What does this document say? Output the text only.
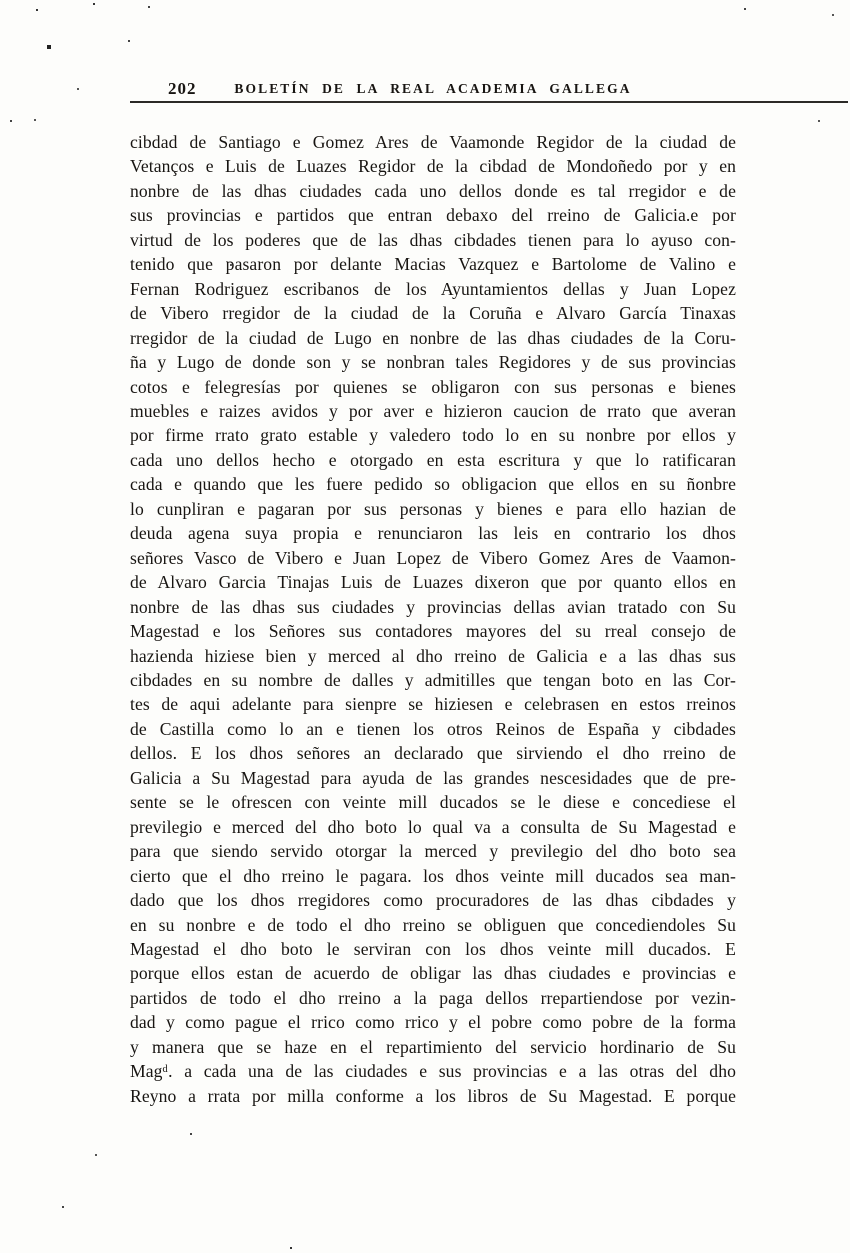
202	BOLETÍN DE LA REAL ACADEMIA GALLEGA
cibdad de Santiago e Gomez Ares de Vaamonde Regidor de la ciudad de
Vetanços e Luis de Luazes Regidor de la cibdad de Mondoñedo por y en
nonbre de las dhas ciudades cada uno dellos donde es tal rregidor e de
sus provincias e partidos que entran debaxo del rreino de Galicia.e por
virtud de los poderes que de las dhas cibdades tienen para lo ayuso con-
tenido que pasaron por delante Macias Vazquez e Bartolome de Valino e
Fernan Rodriguez escribanos de los Ayuntamientos dellas y Juan Lopez
de Vibero rregidor de la ciudad de la Coruña e Alvaro García Tinaxas
rregidor de la ciudad de Lugo en nonbre de las dhas ciudades de la Coru-
ña y Lugo de donde son y se nonbran tales Regidores y de sus provincias
cotos e felegresías por quienes se obligaron con sus personas e bienes
muebles e raizes avidos y por aver e hizieron caucion de rrato que averan
por firme rrato grato estable y valedero todo lo en su nonbre por ellos y
cada uno dellos hecho e otorgado en esta escritura y que lo ratificaran
cada e quando que les fuere pedido so obligacion que ellos en su ñonbre
lo cunpliran e pagaran por sus personas y bienes e para ello hazian de
deuda agena suya propia e renunciaron las leis en contrario los dhos
señores Vasco de Vibero e Juan Lopez de Vibero Gomez Ares de Vaamon-
de Alvaro Garcia Tinajas Luis de Luazes dixeron que por quanto ellos en
nonbre de las dhas sus ciudades y provincias dellas avian tratado con Su
Magestad e los Señores sus contadores mayores del su rreal consejo de
hazienda hiziese bien y merced al dho rreino de Galicia e a las dhas sus
cibdades en su nombre de dalles y admitilles que tengan boto en las Cor-
tes de aqui adelante para sienpre se hiziesen e celebrasen en estos rreinos
de Castilla como lo an e tienen los otros Reinos de España y cibdades
dellos. E los dhos señores an declarado que sirviendo el dho rreino de
Galicia a Su Magestad para ayuda de las grandes nescesidades que de pre-
sente se le ofrescen con veinte mill ducados se le diese e concediese el
previlegio e merced del dho boto lo qual va a consulta de Su Magestad e
para que siendo servido otorgar la merced y previlegio del dho boto sea
cierto que el dho rreino le pagara. los dhos veinte mill ducados sea man-
dado que los dhos rregidores como procuradores de las dhas cibdades y
en su nonbre e de todo el dho rreino se obliguen que concediendoles Su
Magestad el dho boto le serviran con los dhos veinte mill ducados. E
porque ellos estan de acuerdo de obligar las dhas ciudades e provincias e
partidos de todo el dho rreino a la paga dellos rrepartiendose por vezin-
dad y como pague el rrico como rrico y el pobre como pobre de la forma
y manera que se haze en el repartimiento del servicio hordinario de Su
Magᵈ. a cada una de las ciudades e sus provincias e a las otras del dho
Reyno a rrata por milla conforme a los libros de Su Magestad. E porque
